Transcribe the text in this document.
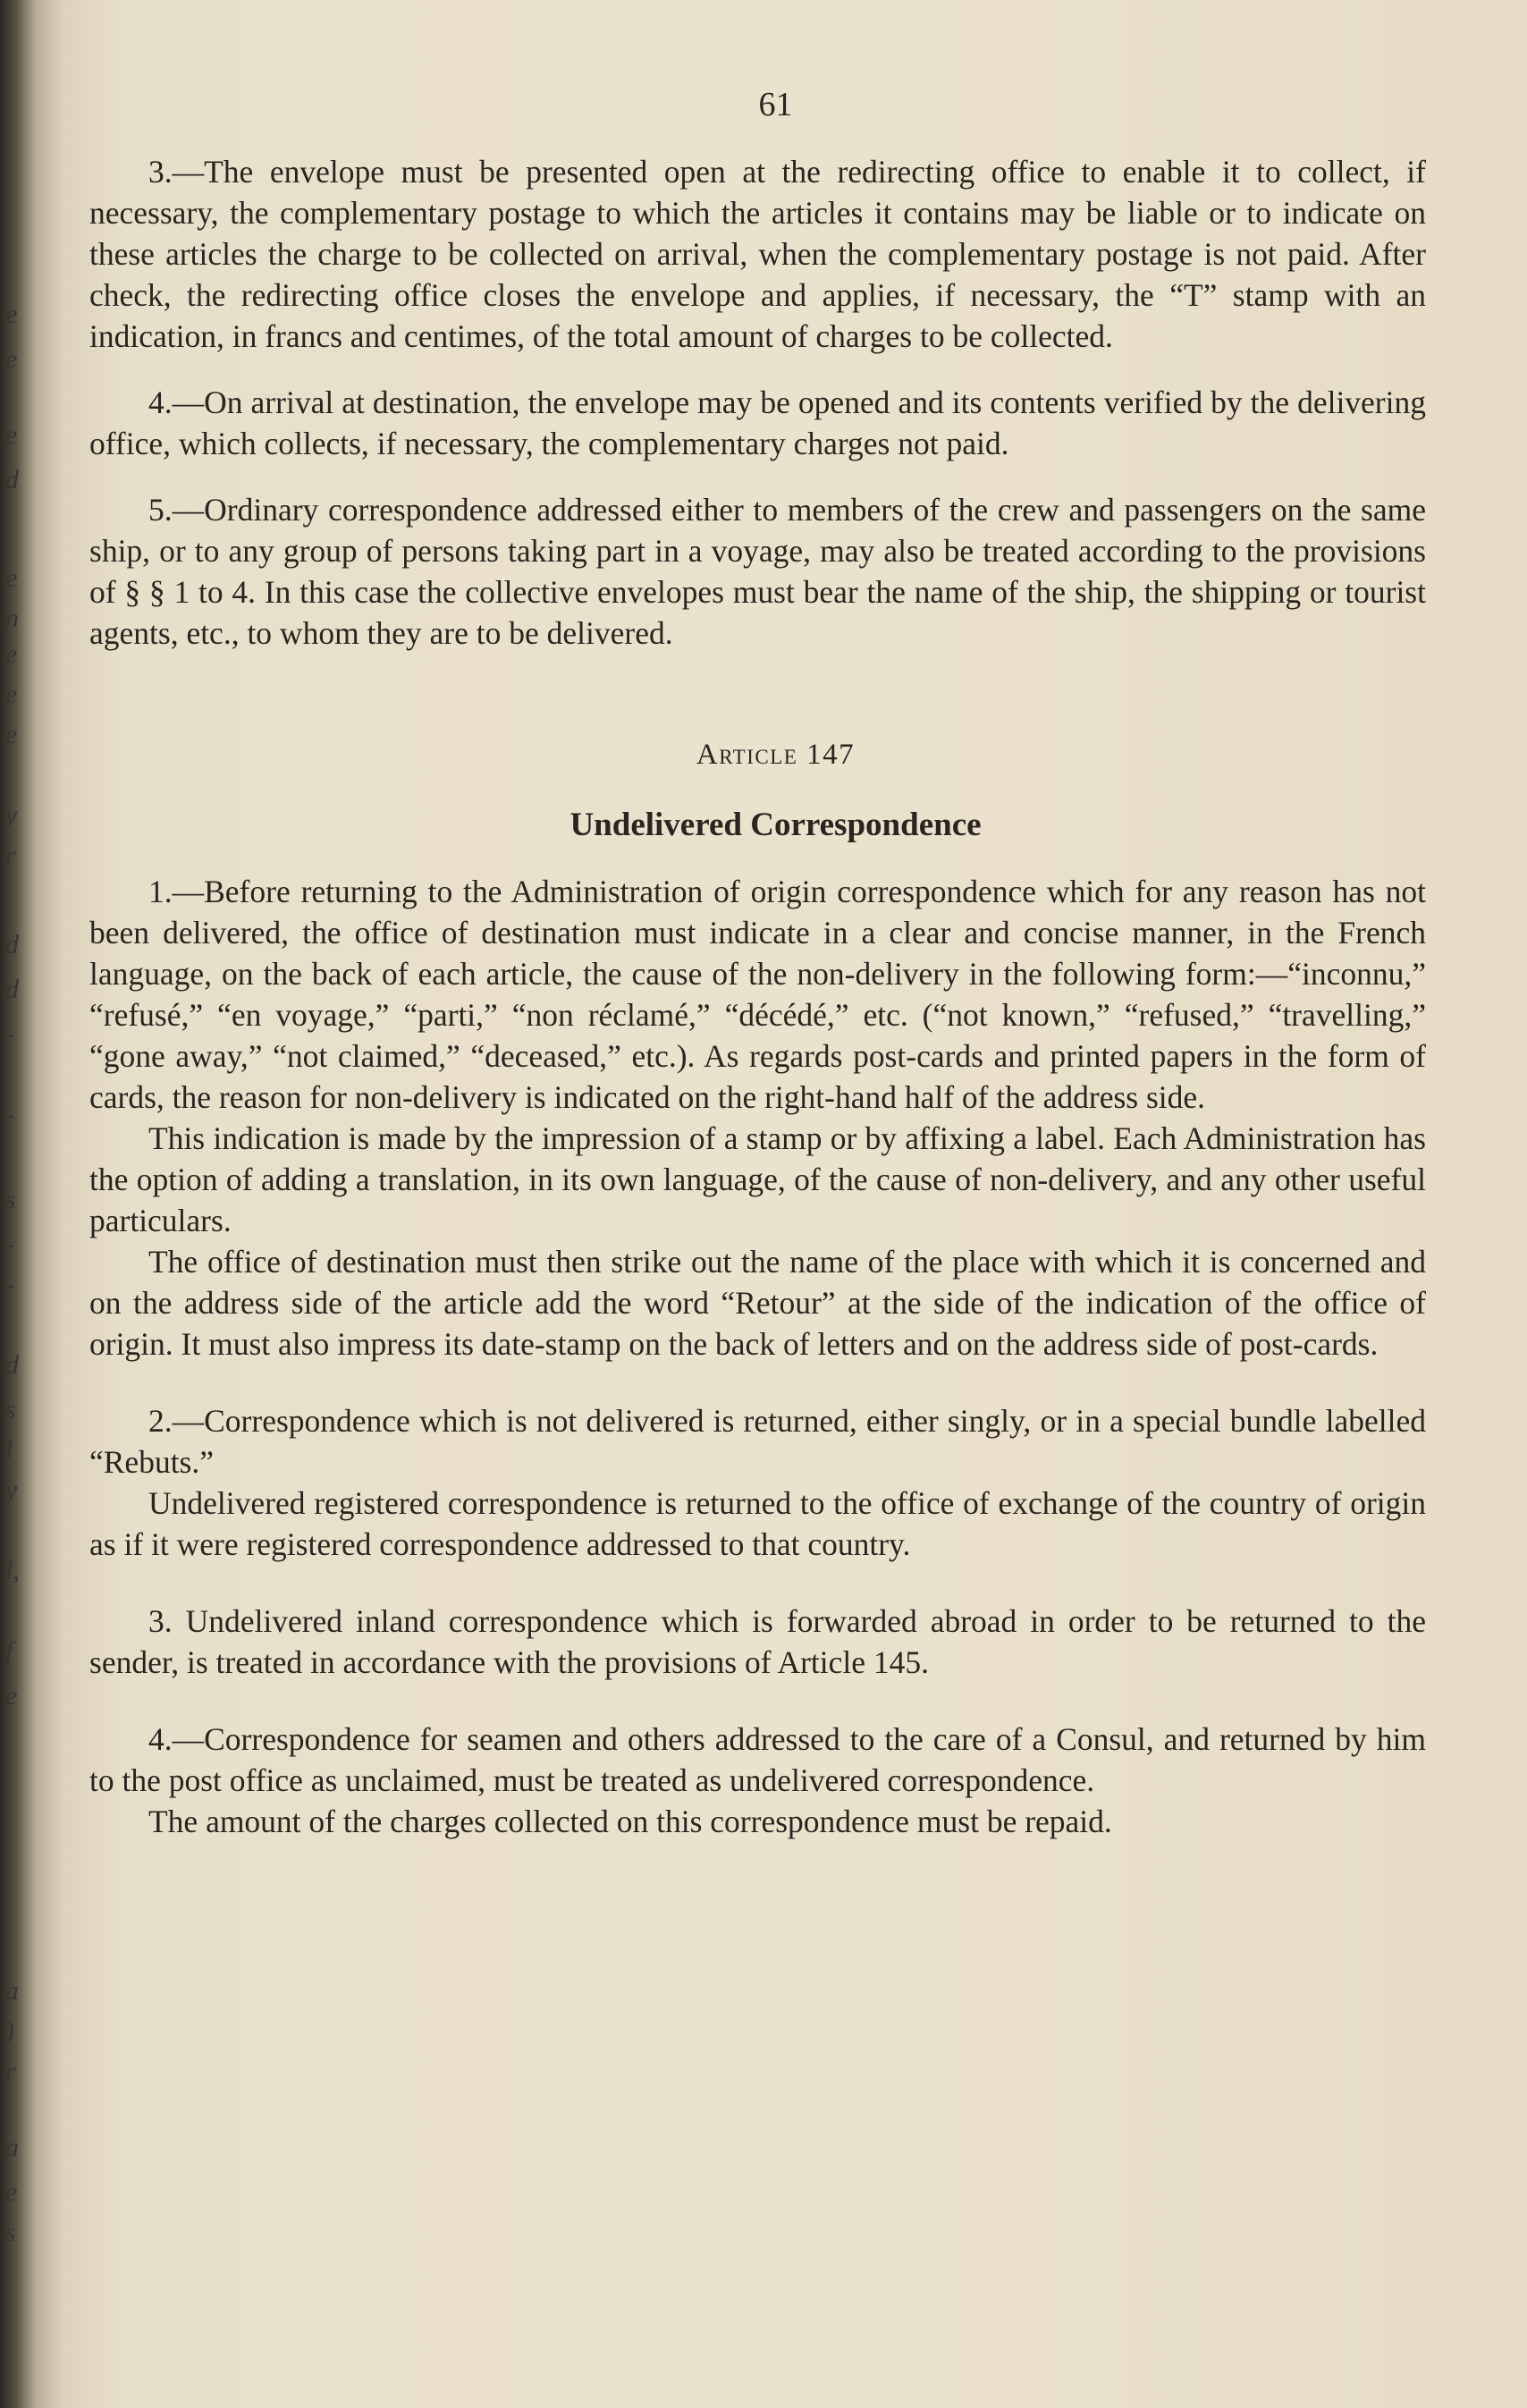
e
e
e
d
e
n
e
e
e
y
r
d
d
-
-
s
-
-
d
s
l
y
l,
f
e
a
)
r
a
e
s
61

3.—The envelope must be presented open at the redirecting office to enable it to collect, if necessary, the complementary postage to which the articles it contains may be liable or to indicate on these articles the charge to be collected on arrival, when the complementary postage is not paid. After check, the redirecting office closes the envelope and applies, if necessary, the “T” stamp with an indication, in francs and centimes, of the total amount of charges to be collected.

4.—On arrival at destination, the envelope may be opened and its contents verified by the delivering office, which collects, if necessary, the complementary charges not paid.

5.—Ordinary correspondence addressed either to members of the crew and passengers on the same ship, or to any group of persons taking part in a voyage, may also be treated according to the provisions of § § 1 to 4. In this case the collective envelopes must bear the name of the ship, the shipping or tourist agents, etc., to whom they are to be delivered.

Article 147
Undelivered Correspondence

1.—Before returning to the Administration of origin correspondence which for any reason has not been delivered, the office of destination must indicate in a clear and concise manner, in the French language, on the back of each article, the cause of the non-delivery in the following form:—“inconnu,” “refusé,” “en voyage,” “parti,” “non réclamé,” “décédé,” etc. (“not known,” “refused,” “travelling,” “gone away,” “not claimed,” “deceased,” etc.). As regards post-cards and printed papers in the form of cards, the reason for non-delivery is indicated on the right-hand half of the address side.

This indication is made by the impression of a stamp or by affixing a label. Each Administration has the option of adding a translation, in its own language, of the cause of non-delivery, and any other useful particulars.

The office of destination must then strike out the name of the place with which it is concerned and on the address side of the article add the word “Retour” at the side of the indication of the office of origin. It must also impress its date-stamp on the back of letters and on the address side of post-cards.

2.—Correspondence which is not delivered is returned, either singly, or in a special bundle labelled “Rebuts.”

Undelivered registered correspondence is returned to the office of exchange of the country of origin as if it were registered correspondence addressed to that country.

3. Undelivered inland correspondence which is forwarded abroad in order to be returned to the sender, is treated in accordance with the provisions of Article 145.

4.—Correspondence for seamen and others addressed to the care of a Consul, and returned by him to the post office as unclaimed, must be treated as undelivered correspondence.

The amount of the charges collected on this correspondence must be repaid.
